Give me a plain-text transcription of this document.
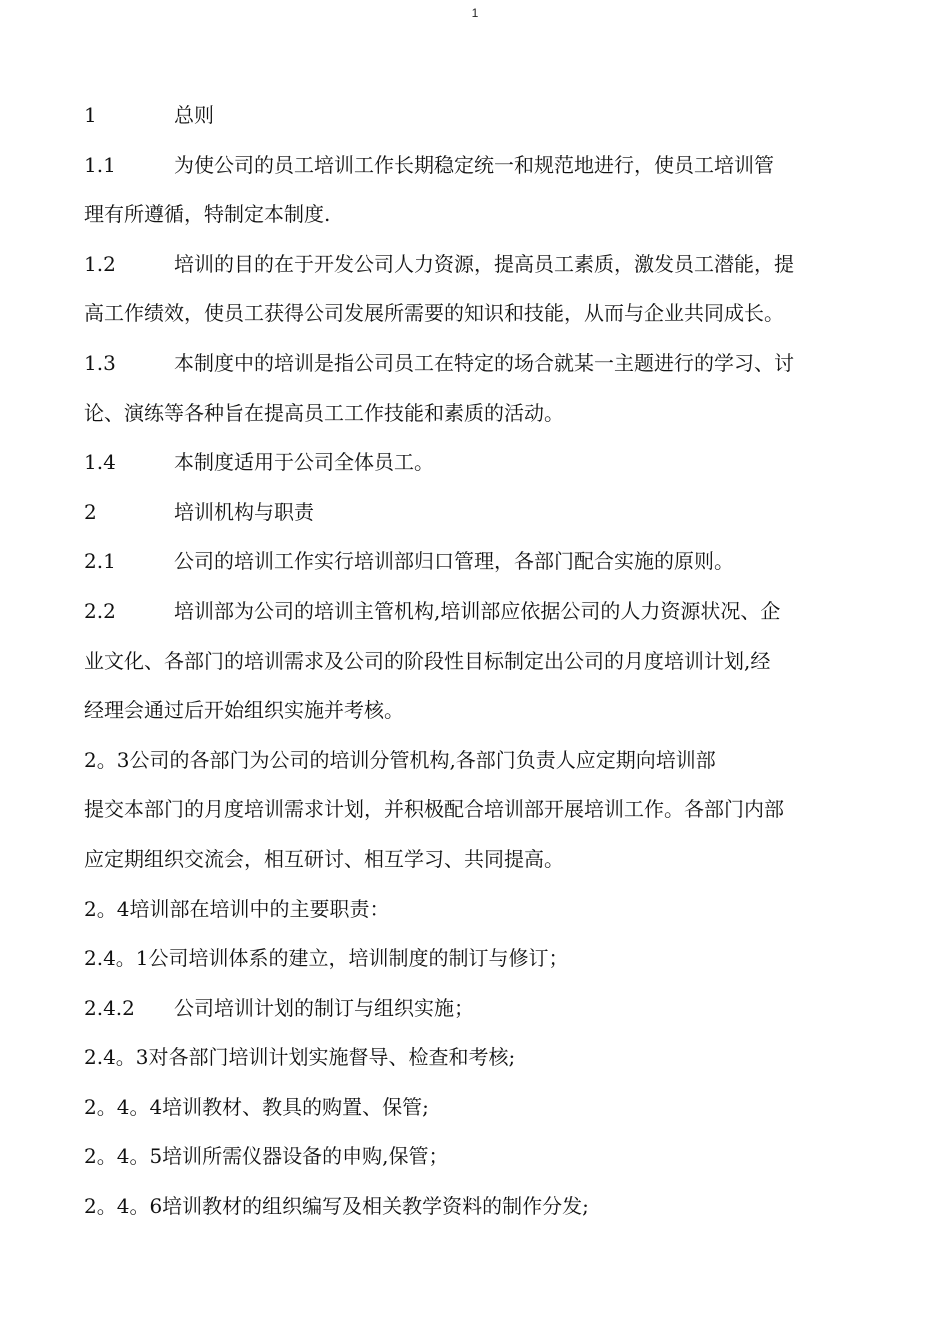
1
1	总则
1.1	为使公司的员工培训工作长期稳定统一和规范地进行，使员工培训管
理有所遵循，特制定本制度.
1.2	培训的目的在于开发公司人力资源，提高员工素质，激发员工潜能，提
高工作绩效，使员工获得公司发展所需要的知识和技能，从而与企业共同成长。
1.3	本制度中的培训是指公司员工在特定的场合就某一主题进行的学习、讨
论、演练等各种旨在提高员工工作技能和素质的活动。
1.4	本制度适用于公司全体员工。
2	培训机构与职责
2.1	公司的培训工作实行培训部归口管理，各部门配合实施的原则。
2.2	培训部为公司的培训主管机构,培训部应依据公司的人力资源状况、企
业文化、各部门的培训需求及公司的阶段性目标制定出公司的月度培训计划,经
经理会通过后开始组织实施并考核。
2。3公司的各部门为公司的培训分管机构,各部门负责人应定期向培训部
提交本部门的月度培训需求计划，并积极配合培训部开展培训工作。各部门内部
应定期组织交流会，相互研讨、相互学习、共同提高。
2。4培训部在培训中的主要职责：
2.4。1公司培训体系的建立，培训制度的制订与修订；
2.4.2 公司培训计划的制订与组织实施；
2.4。3对各部门培训计划实施督导、检查和考核;
2。4。4培训教材、教具的购置、保管;
2。4。5培训所需仪器设备的申购,保管；
2。4。6培训教材的组织编写及相关教学资料的制作分发;
